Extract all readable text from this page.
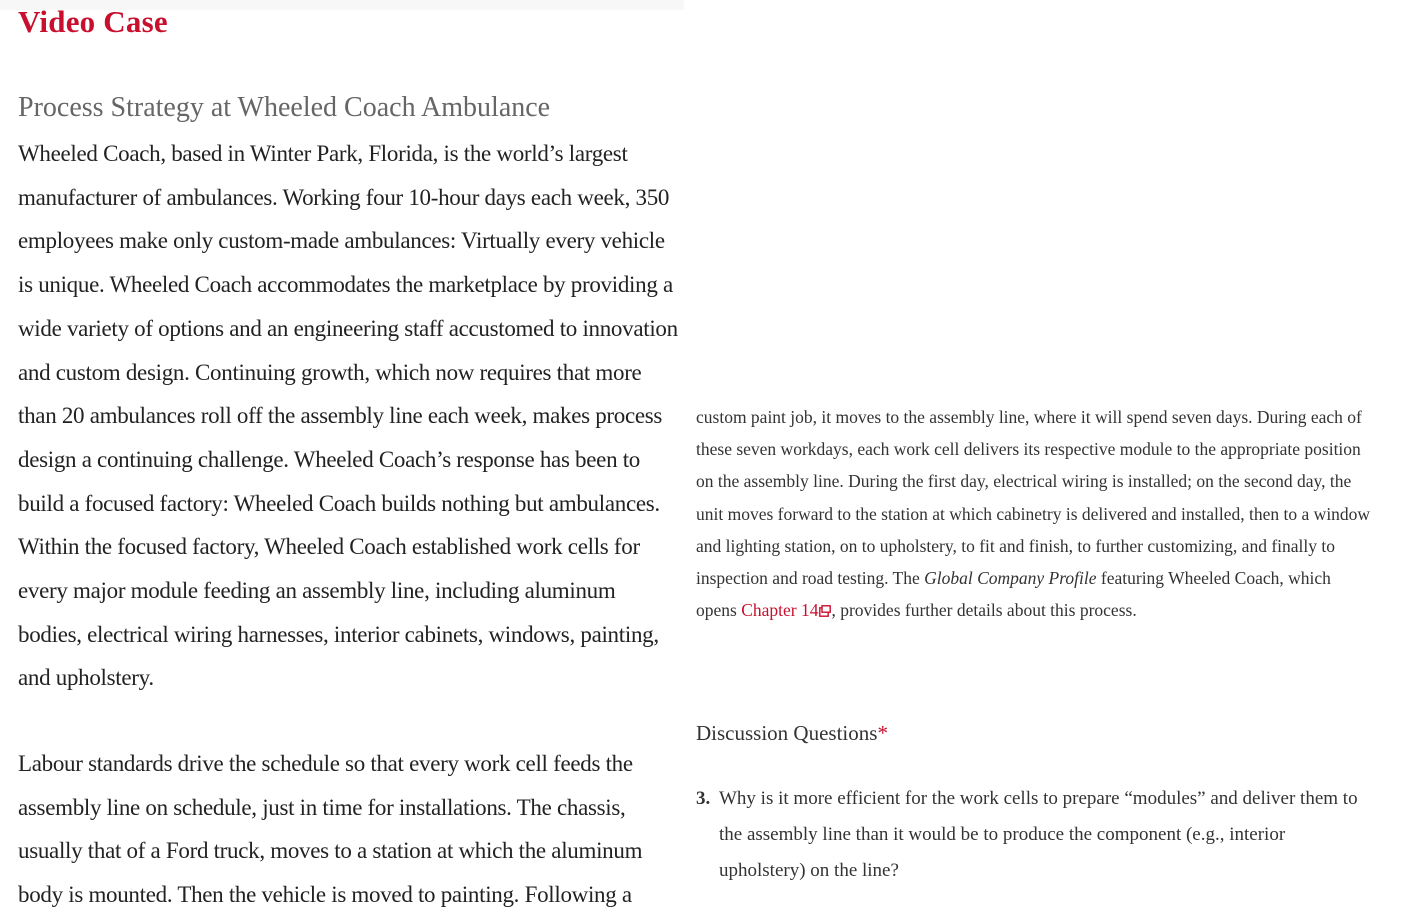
Video Case
Process Strategy at Wheeled Coach Ambulance

Wheeled Coach, based in Winter Park, Florida, is the world’s largest manufacturer of ambulances. Working four 10-hour days each week, 350 employees make only custom-made ambulances: Virtually every vehicle is unique. Wheeled Coach accommodates the marketplace by providing a wide variety of options and an engineering staff accustomed to innovation and custom design. Continuing growth, which now requires that more than 20 ambulances roll off the assembly line each week, makes process design a continuing challenge. Wheeled Coach’s response has been to build a focused factory: Wheeled Coach builds nothing but ambulances. Within the focused factory, Wheeled Coach established work cells for every major module feeding an assembly line, including aluminum bodies, electrical wiring harnesses, interior cabinets, windows, painting, and upholstery.

Labour standards drive the schedule so that every work cell feeds the assembly line on schedule, just in time for installations. The chassis, usually that of a Ford truck, moves to a station at which the aluminum body is mounted. Then the vehicle is moved to painting. Following a

custom paint job, it moves to the assembly line, where it will spend seven days. During each of these seven workdays, each work cell delivers its respective module to the appropriate position on the assembly line. During the first day, electrical wiring is installed; on the second day, the unit moves forward to the station at which cabinetry is delivered and installed, then to a window and lighting station, on to upholstery, to fit and finish, to further customizing, and finally to inspection and road testing. The Global Company Profile featuring Wheeled Coach, which opens Chapter 14 , provides further details about this process.

Discussion Questions*
3. Why is it more efficient for the work cells to prepare “modules” and deliver them to the assembly line than it would be to produce the component (e.g., interior upholstery) on the line?
